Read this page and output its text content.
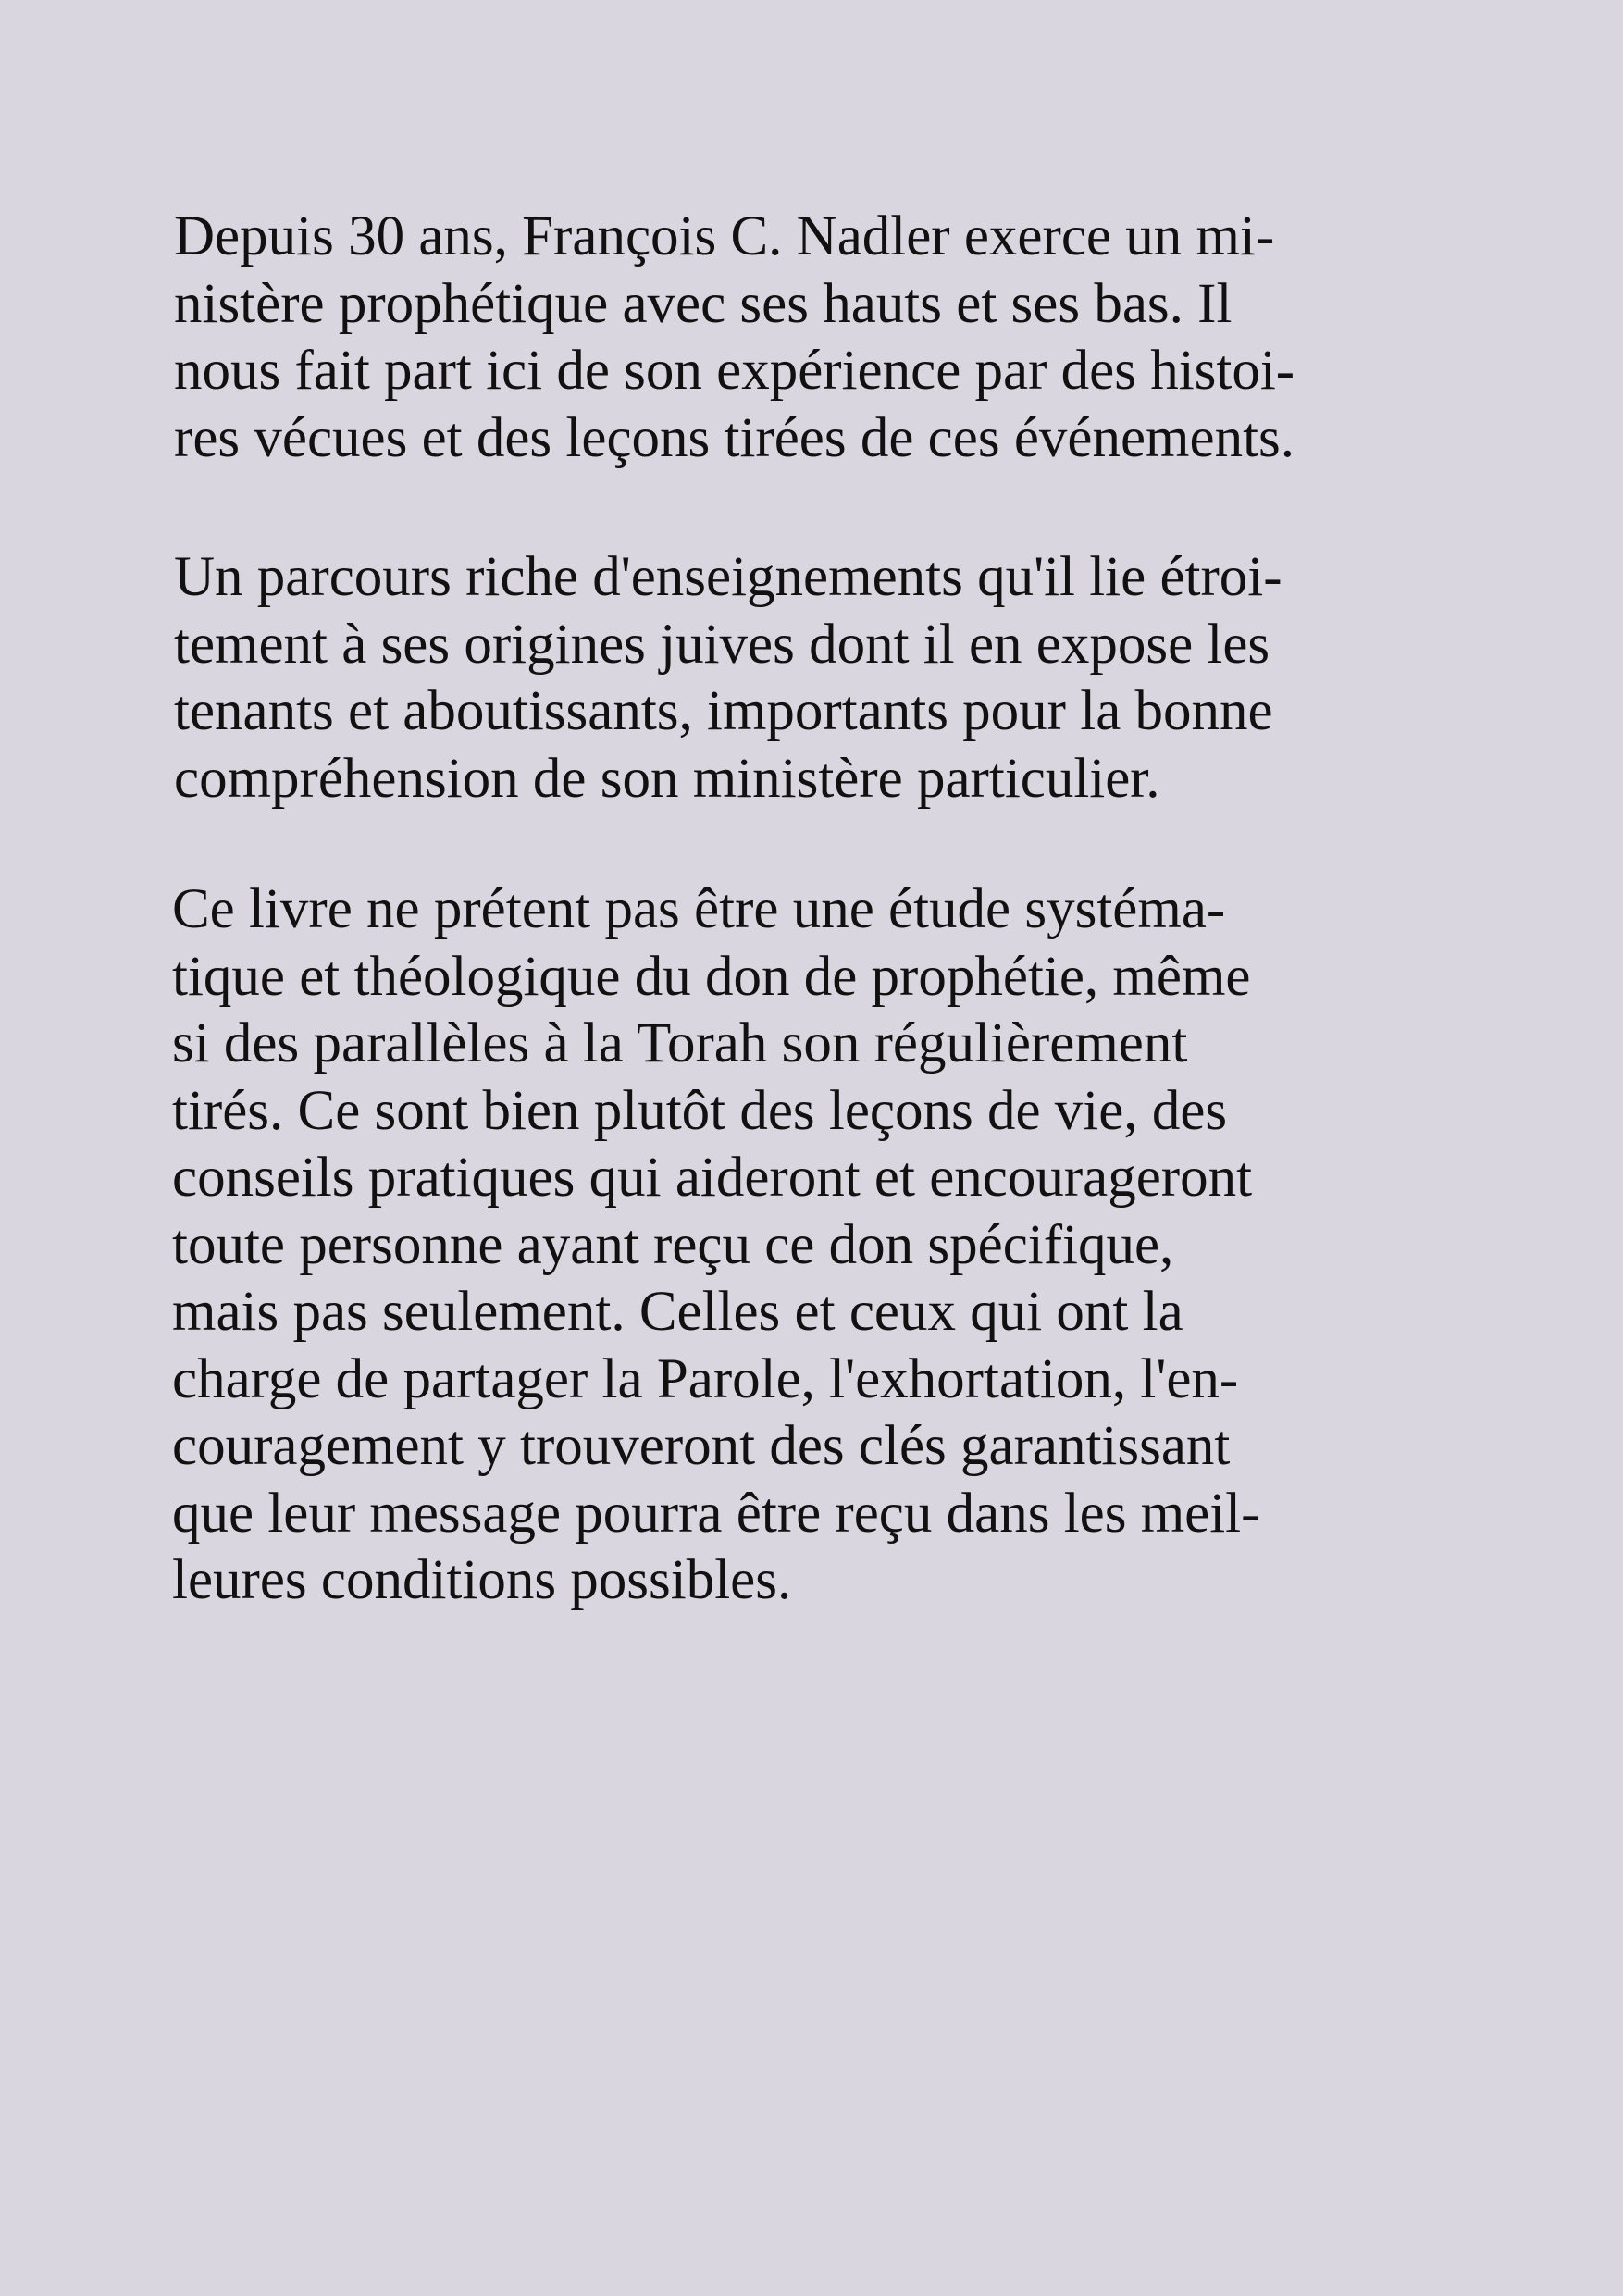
Depuis 30 ans, François C. Nadler exerce un mi-
nistère prophétique avec ses hauts et ses bas. Il
nous fait part ici de son expérience par des histoi-
res vécues et des leçons tirées de ces événements.

Un parcours riche d'enseignements qu'il lie étroi-
tement à ses origines juives dont il en expose les
tenants et aboutissants, importants pour la bonne
compréhension de son ministère particulier.

Ce livre ne prétent pas être une étude systéma-
tique et théologique du don de prophétie, même
si des parallèles à la Torah son régulièrement
tirés. Ce sont bien plutôt des leçons de vie, des
conseils pratiques qui aideront et encourageront
toute personne ayant reçu ce don spécifique,
mais pas seulement. Celles et ceux qui ont la
charge de partager la Parole, l'exhortation, l'en-
couragement y trouveront des clés garantissant
que leur message pourra être reçu dans les meil-
leures conditions possibles.
